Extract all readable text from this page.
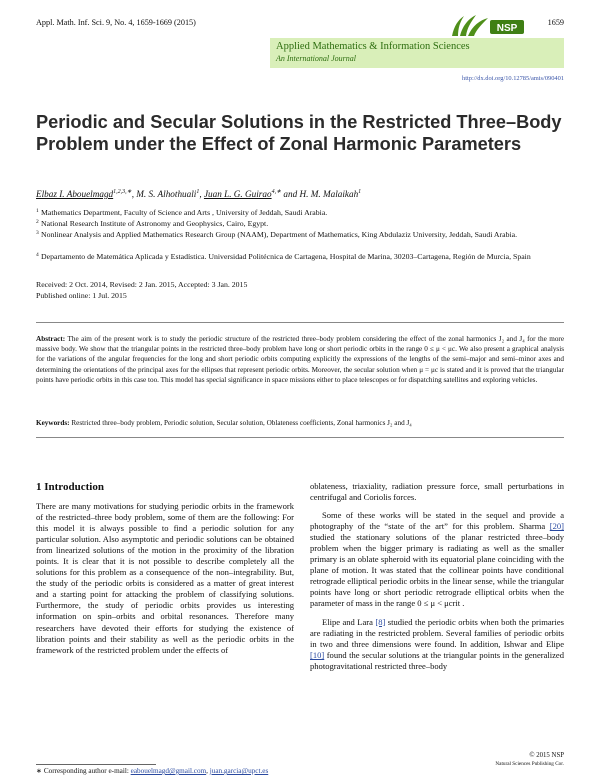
Appl. Math. Inf. Sci. 9, No. 4, 1659-1669 (2015)	1659
NSP
Applied Mathematics & Information Sciences
An International Journal
http://dx.doi.org/10.12785/amis/090401
Periodic and Secular Solutions in the Restricted Three–Body Problem under the Effect of Zonal Harmonic Parameters
Elbaz I. Abouelmagd$^{1,2,3,∗}$, M. S. Alhothuali$^1$, Juan L. G. Guirao$^{4,∗}$ and H. M. Malaikah$^1$
1 Mathematics Department, Faculty of Science and Arts , University of Jeddah, Saudi Arabia.
2 National Research Institute of Astronomy and Geophysics, Cairo, Egypt.
3 Nonlinear Analysis and Applied Mathematics Research Group (NAAM), Department of Mathematics, King Abdulaziz University, Jeddah, Saudi Arabia.
4 Departamento de Matemática Aplicada y Estadística. Universidad Politécnica de Cartagena, Hospital de Marina, 30203–Cartagena, Región de Murcia, Spain
Received: 2 Oct. 2014, Revised: 2 Jan. 2015, Accepted: 3 Jan. 2015
Published online: 1 Jul. 2015
Abstract: The aim of the present work is to study the periodic structure of the restricted three–body problem considering the effect of the zonal harmonics J₂ and J₄ for the more massive body. We show that the triangular points in the restricted three–body problem have long or short periodic orbits in the range 0 ≤ μ < μc. We also present a graphical analysis for the variations of the angular frequencies for the long and short periodic orbits computing explicitly the expressions of the lengths of the semi–major and semi–minor axes and determining the orientations of the principal axes for the ellipses that represent periodic orbits. Moreover, the secular solution when μ = μc is stated and it is proved that the triangular points have periodic orbits in this case too. This model has special significance in space missions either to place telescopes or for dispatching satellites and exploring vehicles.
Keywords: Restricted three–body problem, Periodic solution, Secular solution, Oblateness coefficients, Zonal harmonics J₂ and J₄
1 Introduction

There are many motivations for studying periodic orbits in the framework of the restricted–three body problem, some of them are the following: For this model it is always possible to find a periodic solution for any particular solution. Also asymptotic and periodic solutions can be obtained from linearized solutions of the motion in the proximity of the libration points. It is clear that it is not possible to describe completely all the solutions for this problem as a consequence of the non–integrability. But, the study of the periodic orbits is considered as a matter of great interest and a starting point for attacking the problem of classifying solutions. Furthermore, the study of periodic orbits provides us interesting information on spin–orbits and orbital resonances. Therefore many researchers have devoted their efforts for studying the existence of libration points and their stability as well as the periodic orbits in the framework of the restricted problem under the effects of

oblateness, triaxiality, radiation pressure force, small perturbations in centrifugal and Coriolis forces.

Some of these works will be stated in the sequel and provide a photography of the “state of the art” for this problem. Sharma [20] studied the stationary solutions of the planar restricted three–body problem when the bigger primary is radiating as well as the smaller primary is an oblate spheroid with its equatorial plane coinciding with the plane of motion. It was stated that the collinear points have conditional retrograde elliptical periodic orbits in the linear sense, while the triangular points have long or short periodic retrograde elliptical orbits when the parameter of mass in the range 0 ≤ μ < μcrit .

Elipe and Lara [8] studied the periodic orbits when both the primaries are radiating in the restricted problem. Several families of periodic orbits in two and three dimensions were found. In addition, Ishwar and Elipe [10] found the secular solutions at the triangular points in the generalized photogravitational restricted three–body

∗ Corresponding author e-mail: eabouelmagd@gmail.com, juan.garcia@upct.es
© 2015 NSP
Natural Sciences Publishing Cor.
